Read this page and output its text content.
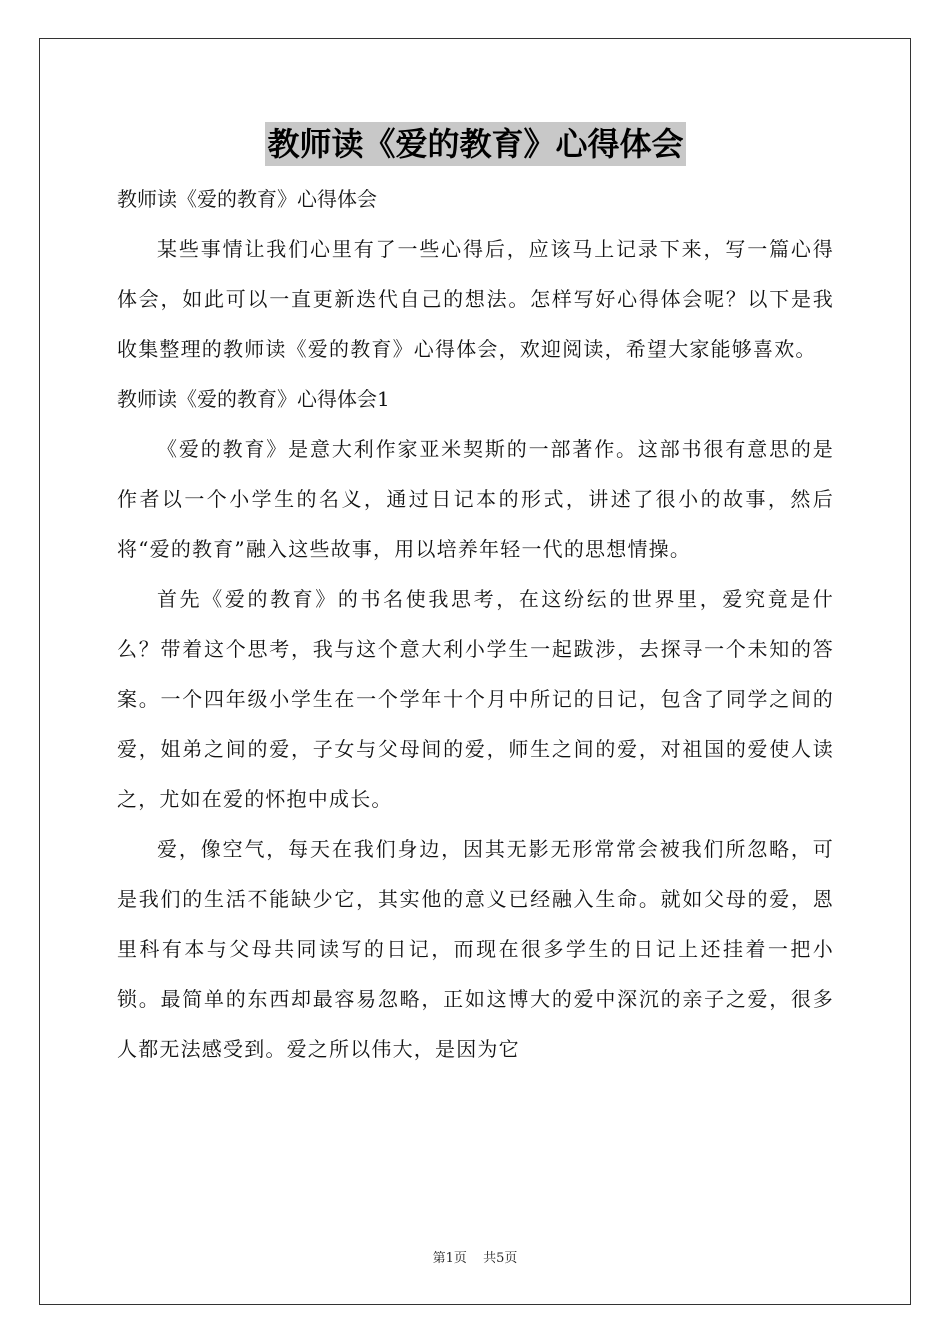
教师读《爱的教育》心得体会

教师读《爱的教育》心得体会

某些事情让我们心里有了一些心得后，应该马上记录下来，写一篇心得体会，如此可以一直更新迭代自己的想法。怎样写好心得体会呢？以下是我收集整理的教师读《爱的教育》心得体会，欢迎阅读，希望大家能够喜欢。

教师读《爱的教育》心得体会1

《爱的教育》是意大利作家亚米契斯的一部著作。这部书很有意思的是作者以一个小学生的名义，通过日记本的形式，讲述了很小的故事，然后将“爱的教育”融入这些故事，用以培养年轻一代的思想情操。

首先《爱的教育》的书名使我思考，在这纷纭的世界里，爱究竟是什么？带着这个思考，我与这个意大利小学生一起跋涉，去探寻一个未知的答案。一个四年级小学生在一个学年十个月中所记的日记，包含了同学之间的爱，姐弟之间的爱，子女与父母间的爱，师生之间的爱，对祖国的爱使人读之，尤如在爱的怀抱中成长。

爱，像空气，每天在我们身边，因其无影无形常常会被我们所忽略，可是我们的生活不能缺少它，其实他的意义已经融入生命。就如父母的爱，恩里科有本与父母共同读写的日记，而现在很多学生的日记上还挂着一把小锁。最简单的东西却最容易忽略，正如这博大的爱中深沉的亲子之爱，很多人都无法感受到。爱之所以伟大，是因为它

第1页 共5页
